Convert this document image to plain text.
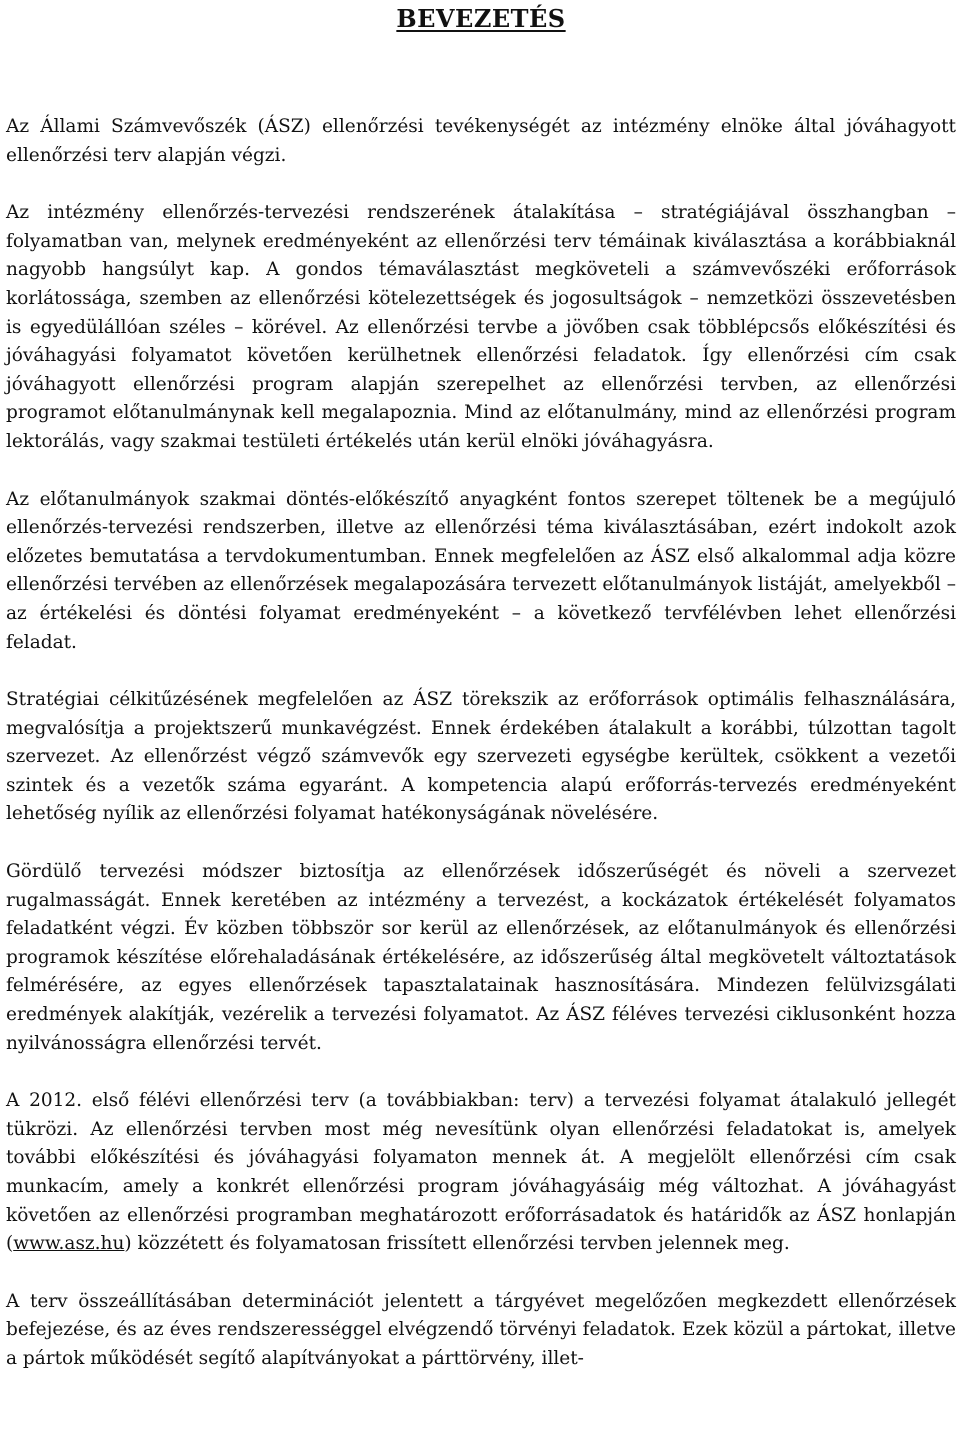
BEVEZETÉS

Az Állami Számvevőszék (ÁSZ) ellenőrzési tevékenységét az intézmény elnöke által jóváhagyott ellenőrzési terv alapján végzi.

Az intézmény ellenőrzés-tervezési rendszerének átalakítása – stratégiájával összhangban – folyamatban van, melynek eredményeként az ellenőrzési terv témáinak kiválasztása a korábbiaknál nagyobb hangsúlyt kap. A gondos témaválasztást megköveteli a számvevőszéki erőforrások korlátossága, szemben az ellenőrzési kötelezettségek és jogosultságok – nemzetközi összevetésben is egyedülállóan széles – körével. Az ellenőrzési tervbe a jövőben csak többlépcsős előkészítési és jóváhagyási folyamatot követően kerülhetnek ellenőrzési feladatok. Így ellenőrzési cím csak jóváhagyott ellenőrzési program alapján szerepelhet az ellenőrzési tervben, az ellenőrzési programot előtanulmánynak kell megalapoznia. Mind az előtanulmány, mind az ellenőrzési program lektorálás, vagy szakmai testületi értékelés után kerül elnöki jóváhagyásra.

Az előtanulmányok szakmai döntés-előkészítő anyagként fontos szerepet töltenek be a megújuló ellenőrzés-tervezési rendszerben, illetve az ellenőrzési téma kiválasztásában, ezért indokolt azok előzetes bemutatása a tervdokumentumban. Ennek megfelelően az ÁSZ első alkalommal adja közre ellenőrzési tervében az ellenőrzések megalapozására tervezett előtanulmányok listáját, amelyekből – az értékelési és döntési folyamat eredményeként – a következő tervfélévben lehet ellenőrzési feladat.

Stratégiai célkitűzésének megfelelően az ÁSZ törekszik az erőforrások optimális felhasználására, megvalósítja a projektszerű munkavégzést. Ennek érdekében átalakult a korábbi, túlzottan tagolt szervezet. Az ellenőrzést végző számvevők egy szervezeti egységbe kerültek, csökkent a vezetői szintek és a vezetők száma egyaránt. A kompetencia alapú erőforrás-tervezés eredményeként lehetőség nyílik az ellenőrzési folyamat hatékonyságának növelésére.

Gördülő tervezési módszer biztosítja az ellenőrzések időszerűségét és növeli a szervezet rugalmasságát. Ennek keretében az intézmény a tervezést, a kockázatok értékelését folyamatos feladatként végzi. Év közben többször sor kerül az ellenőrzések, az előtanulmányok és ellenőrzési programok készítése előrehaladásának értékelésére, az időszerűség által megkövetelt változtatások felmérésére, az egyes ellenőrzések tapasztalatainak hasznosítására. Mindezen felülvizsgálati eredmények alakítják, vezérelik a tervezési folyamatot. Az ÁSZ féléves tervezési ciklusonként hozza nyilvánosságra ellenőrzési tervét.

A 2012. első félévi ellenőrzési terv (a továbbiakban: terv) a tervezési folyamat átalakuló jellegét tükrözi. Az ellenőrzési tervben most még nevesítünk olyan ellenőrzési feladatokat is, amelyek további előkészítési és jóváhagyási folyamaton mennek át. A megjelölt ellenőrzési cím csak munkacím, amely a konkrét ellenőrzési program jóváhagyásáig még változhat. A jóváhagyást követően az ellenőrzési programban meghatározott erőforrásadatok és határidők az ÁSZ honlapján (www.asz.hu) közzétett és folyamatosan frissített ellenőrzési tervben jelennek meg.

A terv összeállításában determinációt jelentett a tárgyévet megelőzően megkezdett ellenőrzések befejezése, és az éves rendszerességgel elvégzendő törvényi feladatok. Ezek közül a pártokat, illetve a pártok működését segítő alapítványokat a párttörvény, illet-
